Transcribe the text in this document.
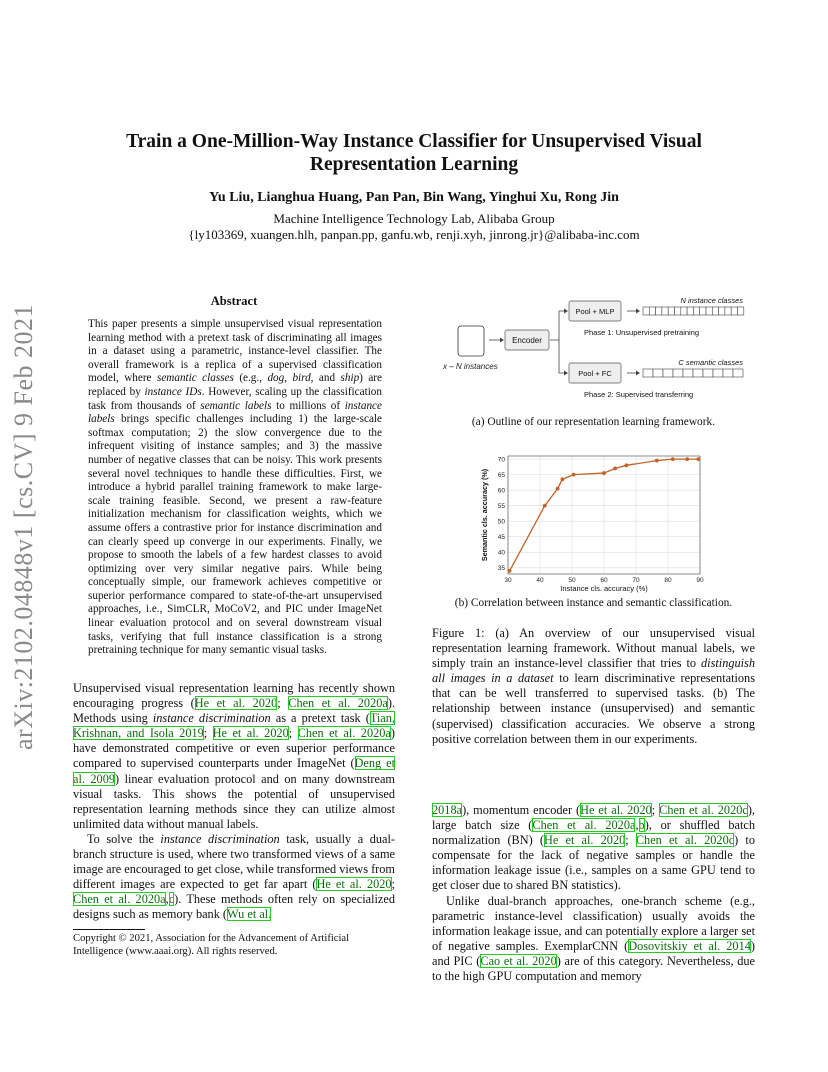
arXiv:2102.04848v1 [cs.CV] 9 Feb 2021
Train a One-Million-Way Instance Classifier for Unsupervised Visual Representation Learning
Yu Liu, Lianghua Huang, Pan Pan, Bin Wang, Yinghui Xu, Rong Jin
Machine Intelligence Technology Lab, Alibaba Group
{ly103369, xuangen.hlh, panpan.pp, ganfu.wb, renji.xyh, jinrong.jr}@alibaba-inc.com
Abstract
This paper presents a simple unsupervised visual representation learning method with a pretext task of discriminating all images in a dataset using a parametric, instance-level classifier. The overall framework is a replica of a supervised classification model, where semantic classes (e.g., dog, bird, and ship) are replaced by instance IDs. However, scaling up the classification task from thousands of semantic labels to millions of instance labels brings specific challenges including 1) the large-scale softmax computation; 2) the slow convergence due to the infrequent visiting of instance samples; and 3) the massive number of negative classes that can be noisy. This work presents several novel techniques to handle these difficulties. First, we introduce a hybrid parallel training framework to make large-scale training feasible. Second, we present a raw-feature initialization mechanism for classification weights, which we assume offers a contrastive prior for instance discrimination and can clearly speed up converge in our experiments. Finally, we propose to smooth the labels of a few hardest classes to avoid optimizing over very similar negative pairs. While being conceptually simple, our framework achieves competitive or superior performance compared to state-of-the-art unsupervised approaches, i.e., SimCLR, MoCoV2, and PIC under ImageNet linear evaluation protocol and on several downstream visual tasks, verifying that full instance classification is a strong pretraining technique for many semantic visual tasks.

Unsupervised visual representation learning has recently shown encouraging progress (He et al. 2020; Chen et al. 2020a). Methods using instance discrimination as a pretext task (Tian, Krishnan, and Isola 2019; He et al. 2020; Chen et al. 2020a) have demonstrated competitive or even superior performance compared to supervised counterparts under ImageNet (Deng et al. 2009) linear evaluation protocol and on many downstream visual tasks. This shows the potential of unsupervised representation learning methods since they can utilize almost unlimited data without manual labels.

To solve the instance discrimination task, usually a dual-branch structure is used, where two transformed views of a same image are encouraged to get close, while transformed views from different images are expected to get far apart (He et al. 2020; Chen et al. 2020a,c). These methods often rely on specialized designs such as memory bank (Wu et al.

Copyright © 2021, Association for the Advancement of Artificial Intelligence (www.aaai.org). All rights reserved.
x – N instances
Encoder
Pool + MLP
Pool + FC
N instance classes
C semantic classes
Phase 1: Unsupervised pretraining
Phase 2: Supervised transferring
(a) Outline of our representation learning framework.
30	40	50	60	70	80	90
35
40
45
50
55
60
65
70
Instance cls. accuracy (%)
Semantic cls. accuracy (%)
(b) Correlation between instance and semantic classification.
Figure 1: (a) An overview of our unsupervised visual representation learning framework. Without manual labels, we simply train an instance-level classifier that tries to distinguish all images in a dataset to learn discriminative representations that can be well transferred to supervised tasks. (b) The relationship between instance (unsupervised) and semantic (supervised) classification accuracies. We observe a strong positive correlation between them in our experiments.

2018a), momentum encoder (He et al. 2020; Chen et al. 2020c), large batch size (Chen et al. 2020a,b), or shuffled batch normalization (BN) (He et al. 2020; Chen et al. 2020c) to compensate for the lack of negative samples or handle the information leakage issue (i.e., samples on a same GPU tend to get closer due to shared BN statistics).

Unlike dual-branch approaches, one-branch scheme (e.g., parametric instance-level classification) usually avoids the information leakage issue, and can potentially explore a larger set of negative samples. ExemplarCNN (Dosovitskiy et al. 2014) and PIC (Cao et al. 2020) are of this category. Nevertheless, due to the high GPU computation and memory
